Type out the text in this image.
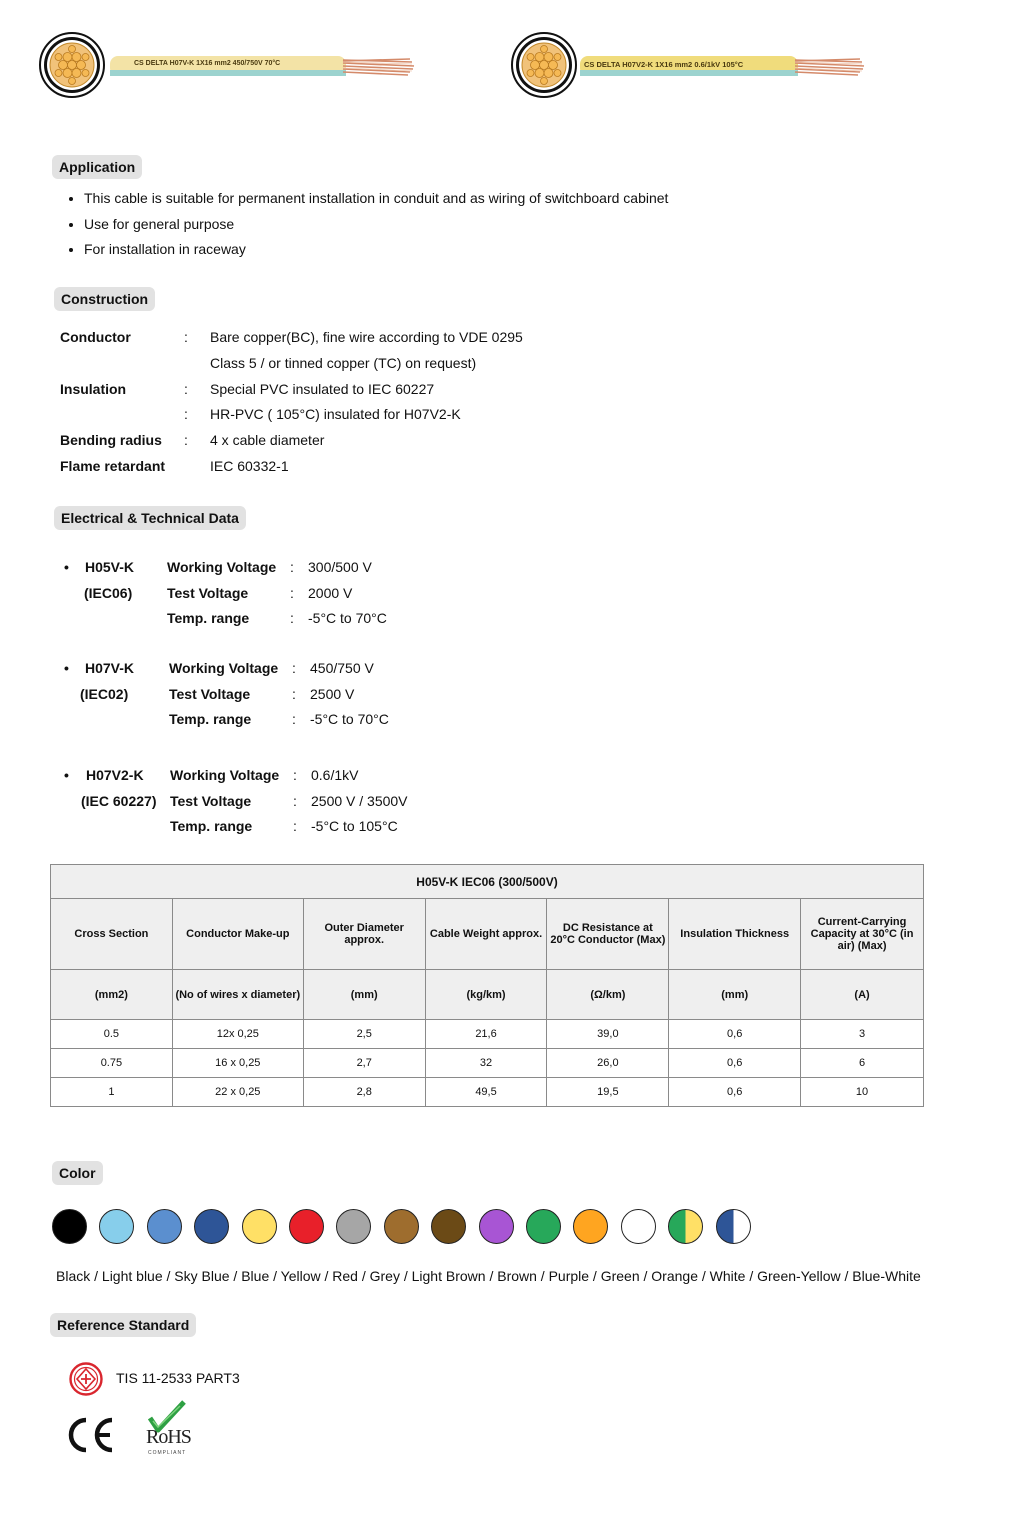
CS DELTA H07V-K 1X16 mm2 450/750V 70°C	CS DELTA H07V2-K 1X16 mm2 0.6/1kV 105°C
Application
• This cable is suitable for permanent installation in conduit and as wiring of switchboard cabinet
• Use for general purpose
• For installation in raceway
Construction
Conductor	: Bare copper(BC), fine wire according to VDE 0295
Class 5 / or tinned copper (TC) on request)
Insulation	: Special PVC insulated to IEC 60227
: HR-PVC ( 105°C) insulated for H07V2-K
Bending radius	: 4 x cable diameter
Flame retardant	IEC 60332-1
Electrical & Technical Data
• H05V-K Working Voltage : 300/500 V
(IEC06) Test Voltage	: 2000 V
Temp. range	: -5°C to 70°C
• H07V-K Working Voltage : 450/750 V
(IEC02)	Test Voltage	: 2500 V
Temp. range	: -5°C to 70°C
• H07V2-K Working Voltage : 0.6/1kV
(IEC 60227) Test Voltage	: 2500 V / 3500V
Temp. range	: -5°C to 105°C
H05V-K IEC06 (300/500V)						
Cross Section	Conductor Make-up	Outer Diameter approx.	Cable Weight approx.	DC Resistance at 20°C Conductor (Max)	Insulation Thickness	Current-Carrying Capacity at 30°C (in air) (Max)
(mm2)	(No of wires x diameter)	(mm)	(kg/km)	(Ω/km)	(mm)	(A)
0.5	12x 0,25	2,5	21,6	39,0	0,6	3
0.75	16 x 0,25	2,7	32	26,0	0,6	6
1	22 x 0,25	2,8	49,5	19,5	0,6	10
Color
Black / Light blue / Sky Blue / Blue / Yellow / Red / Grey / Light Brown / Brown / Purple / Green / Orange / White / Green-Yellow / Blue-White
Reference Standard
TIS 11-2533 PART3
RoHS
COMPLIANT
